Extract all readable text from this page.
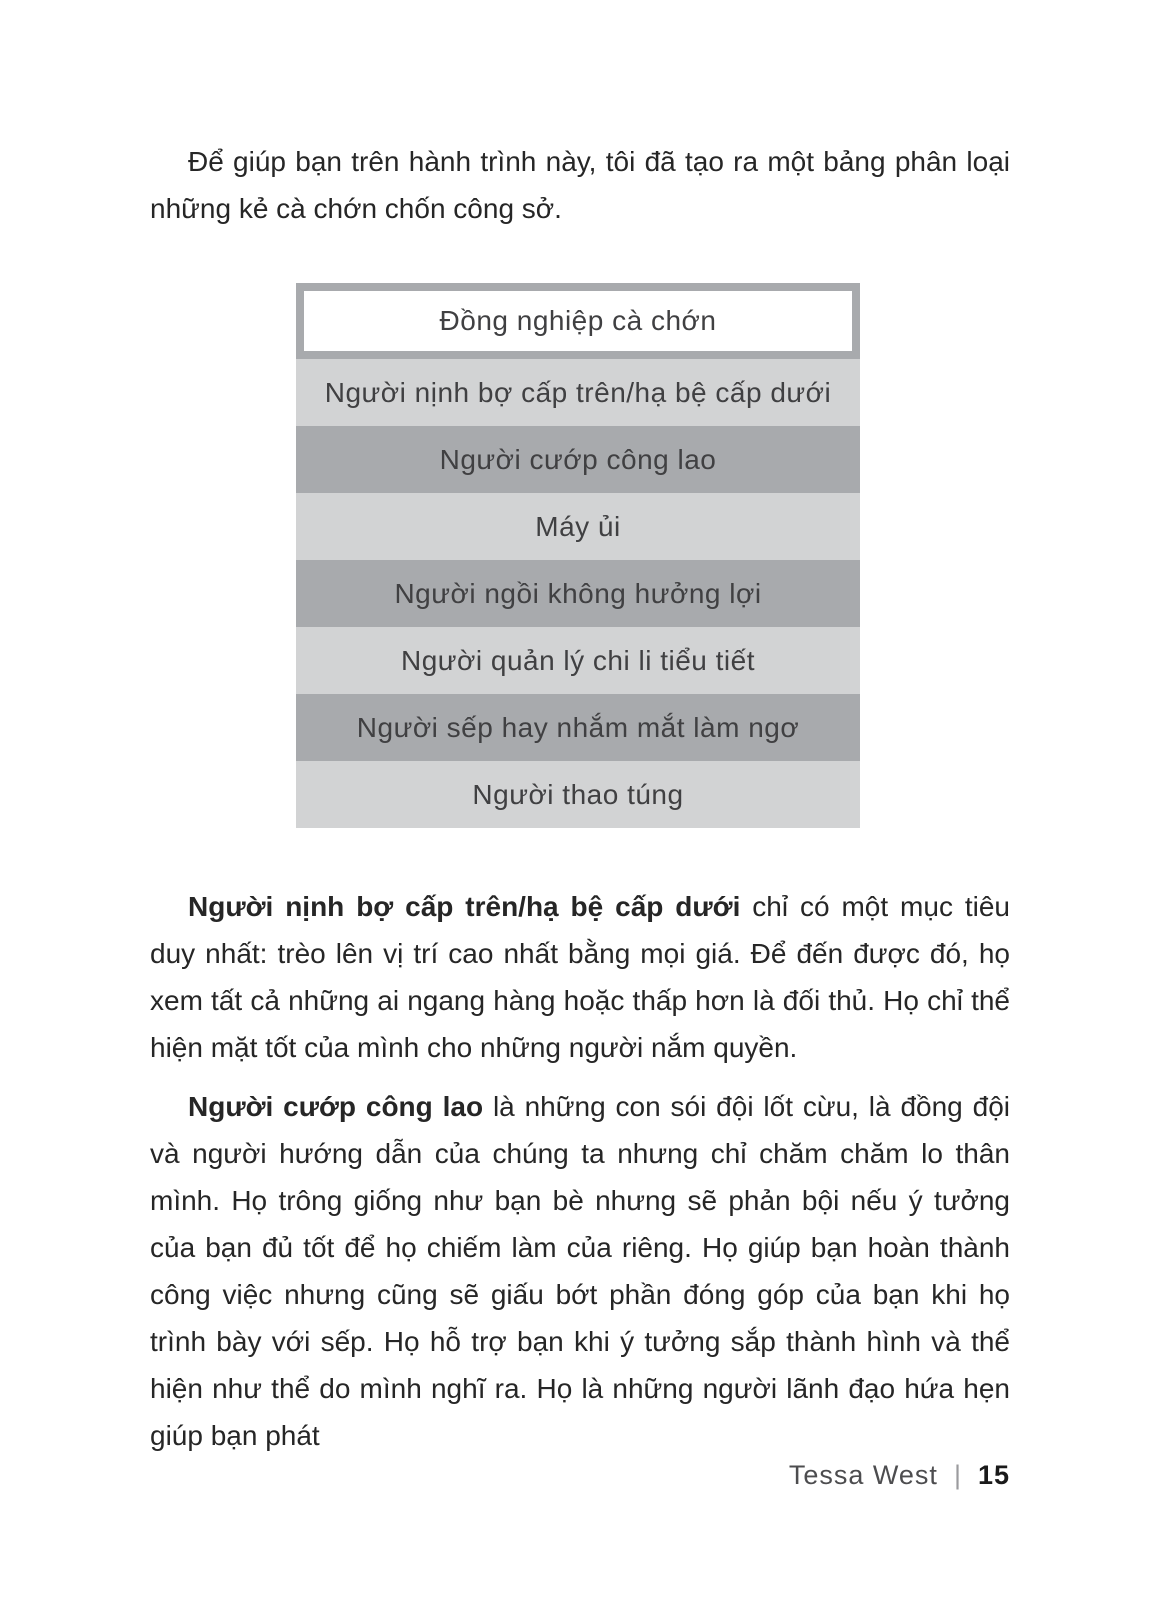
Để giúp bạn trên hành trình này, tôi đã tạo ra một bảng phân loại những kẻ cà chớn chốn công sở.

Đồng nghiệp cà chớn
Người nịnh bợ cấp trên/hạ bệ cấp dưới
Người cướp công lao
Máy ủi
Người ngồi không hưởng lợi
Người quản lý chi li tiểu tiết
Người sếp hay nhắm mắt làm ngơ
Người thao túng

Người nịnh bợ cấp trên/hạ bệ cấp dưới chỉ có một mục tiêu duy nhất: trèo lên vị trí cao nhất bằng mọi giá. Để đến được đó, họ xem tất cả những ai ngang hàng hoặc thấp hơn là đối thủ. Họ chỉ thể hiện mặt tốt của mình cho những người nắm quyền.

Người cướp công lao là những con sói đội lốt cừu, là đồng đội và người hướng dẫn của chúng ta nhưng chỉ chăm chăm lo thân mình. Họ trông giống như bạn bè nhưng sẽ phản bội nếu ý tưởng của bạn đủ tốt để họ chiếm làm của riêng. Họ giúp bạn hoàn thành công việc nhưng cũng sẽ giấu bớt phần đóng góp của bạn khi họ trình bày với sếp. Họ hỗ trợ bạn khi ý tưởng sắp thành hình và thể hiện như thể do mình nghĩ ra. Họ là những người lãnh đạo hứa hẹn giúp bạn phát

Tessa West | 15
